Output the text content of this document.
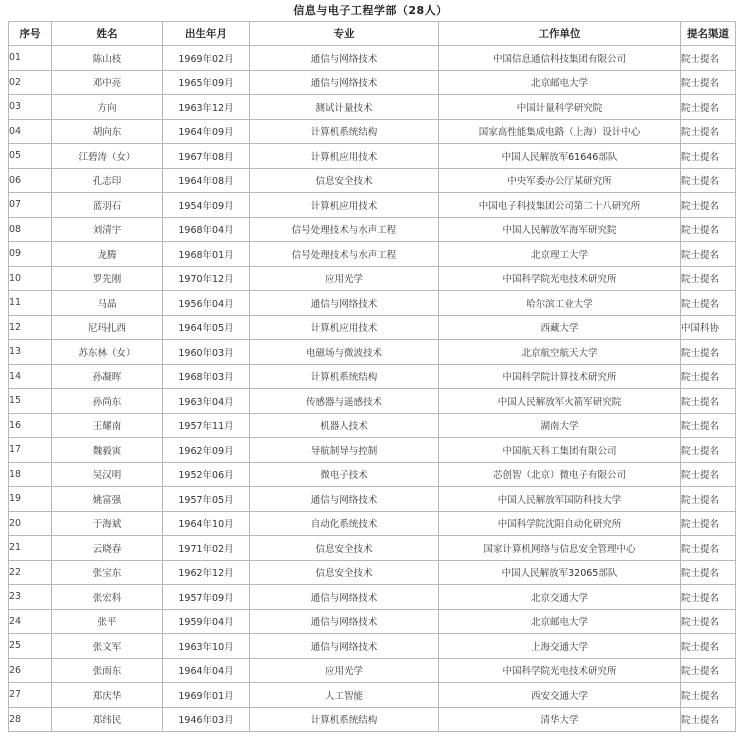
信息与电子工程学部（28人）
序号	姓名	出生年月	专业	工作单位	提名渠道
01	陈山枝	1969年02月	通信与网络技术	中国信息通信科技集团有限公司	院士提名
02	邓中亮	1965年09月	通信与网络技术	北京邮电大学	院士提名
03	方向	1963年12月	测试计量技术	中国计量科学研究院	院士提名
04	胡向东	1964年09月	计算机系统结构	国家高性能集成电路（上海）设计中心	院士提名
05	江碧涛（女）	1967年08月	计算机应用技术	中国人民解放军61646部队	院士提名
06	孔志印	1964年08月	信息安全技术	中央军委办公厅某研究所	院士提名
07	蓝羽石	1954年09月	计算机应用技术	中国电子科技集团公司第二十八研究所	院士提名
08	刘清宇	1968年04月	信号处理技术与水声工程	中国人民解放军海军研究院	院士提名
09	龙腾	1968年01月	信号处理技术与水声工程	北京理工大学	院士提名
10	罗先刚	1970年12月	应用光学	中国科学院光电技术研究所	院士提名
11	马晶	1956年04月	通信与网络技术	哈尔滨工业大学	院士提名
12	尼玛扎西	1964年05月	计算机应用技术	西藏大学	中国科协
13	苏东林（女）	1960年03月	电磁场与微波技术	北京航空航天大学	院士提名
14	孙凝晖	1968年03月	计算机系统结构	中国科学院计算技术研究所	院士提名
15	孙尚东	1963年04月	传感器与遥感技术	中国人民解放军火箭军研究院	院士提名
16	王耀南	1957年11月	机器人技术	湖南大学	院士提名
17	魏毅寅	1962年09月	导航制导与控制	中国航天科工集团有限公司	院士提名
18	吴汉明	1952年06月	微电子技术	芯创智（北京）微电子有限公司	院士提名
19	姚富强	1957年05月	通信与网络技术	中国人民解放军国防科技大学	院士提名
20	于海斌	1964年10月	自动化系统技术	中国科学院沈阳自动化研究所	院士提名
21	云晓春	1971年02月	信息安全技术	国家计算机网络与信息安全管理中心	院士提名
22	张宝东	1962年12月	信息安全技术	中国人民解放军32065部队	院士提名
23	张宏科	1957年09月	通信与网络技术	北京交通大学	院士提名
24	张平	1959年04月	通信与网络技术	北京邮电大学	院士提名
25	张文军	1963年10月	通信与网络技术	上海交通大学	院士提名
26	张雨东	1964年04月	应用光学	中国科学院光电技术研究所	院士提名
27	郑庆华	1969年01月	人工智能	西安交通大学	院士提名
28	郑纬民	1946年03月	计算机系统结构	清华大学	院士提名
